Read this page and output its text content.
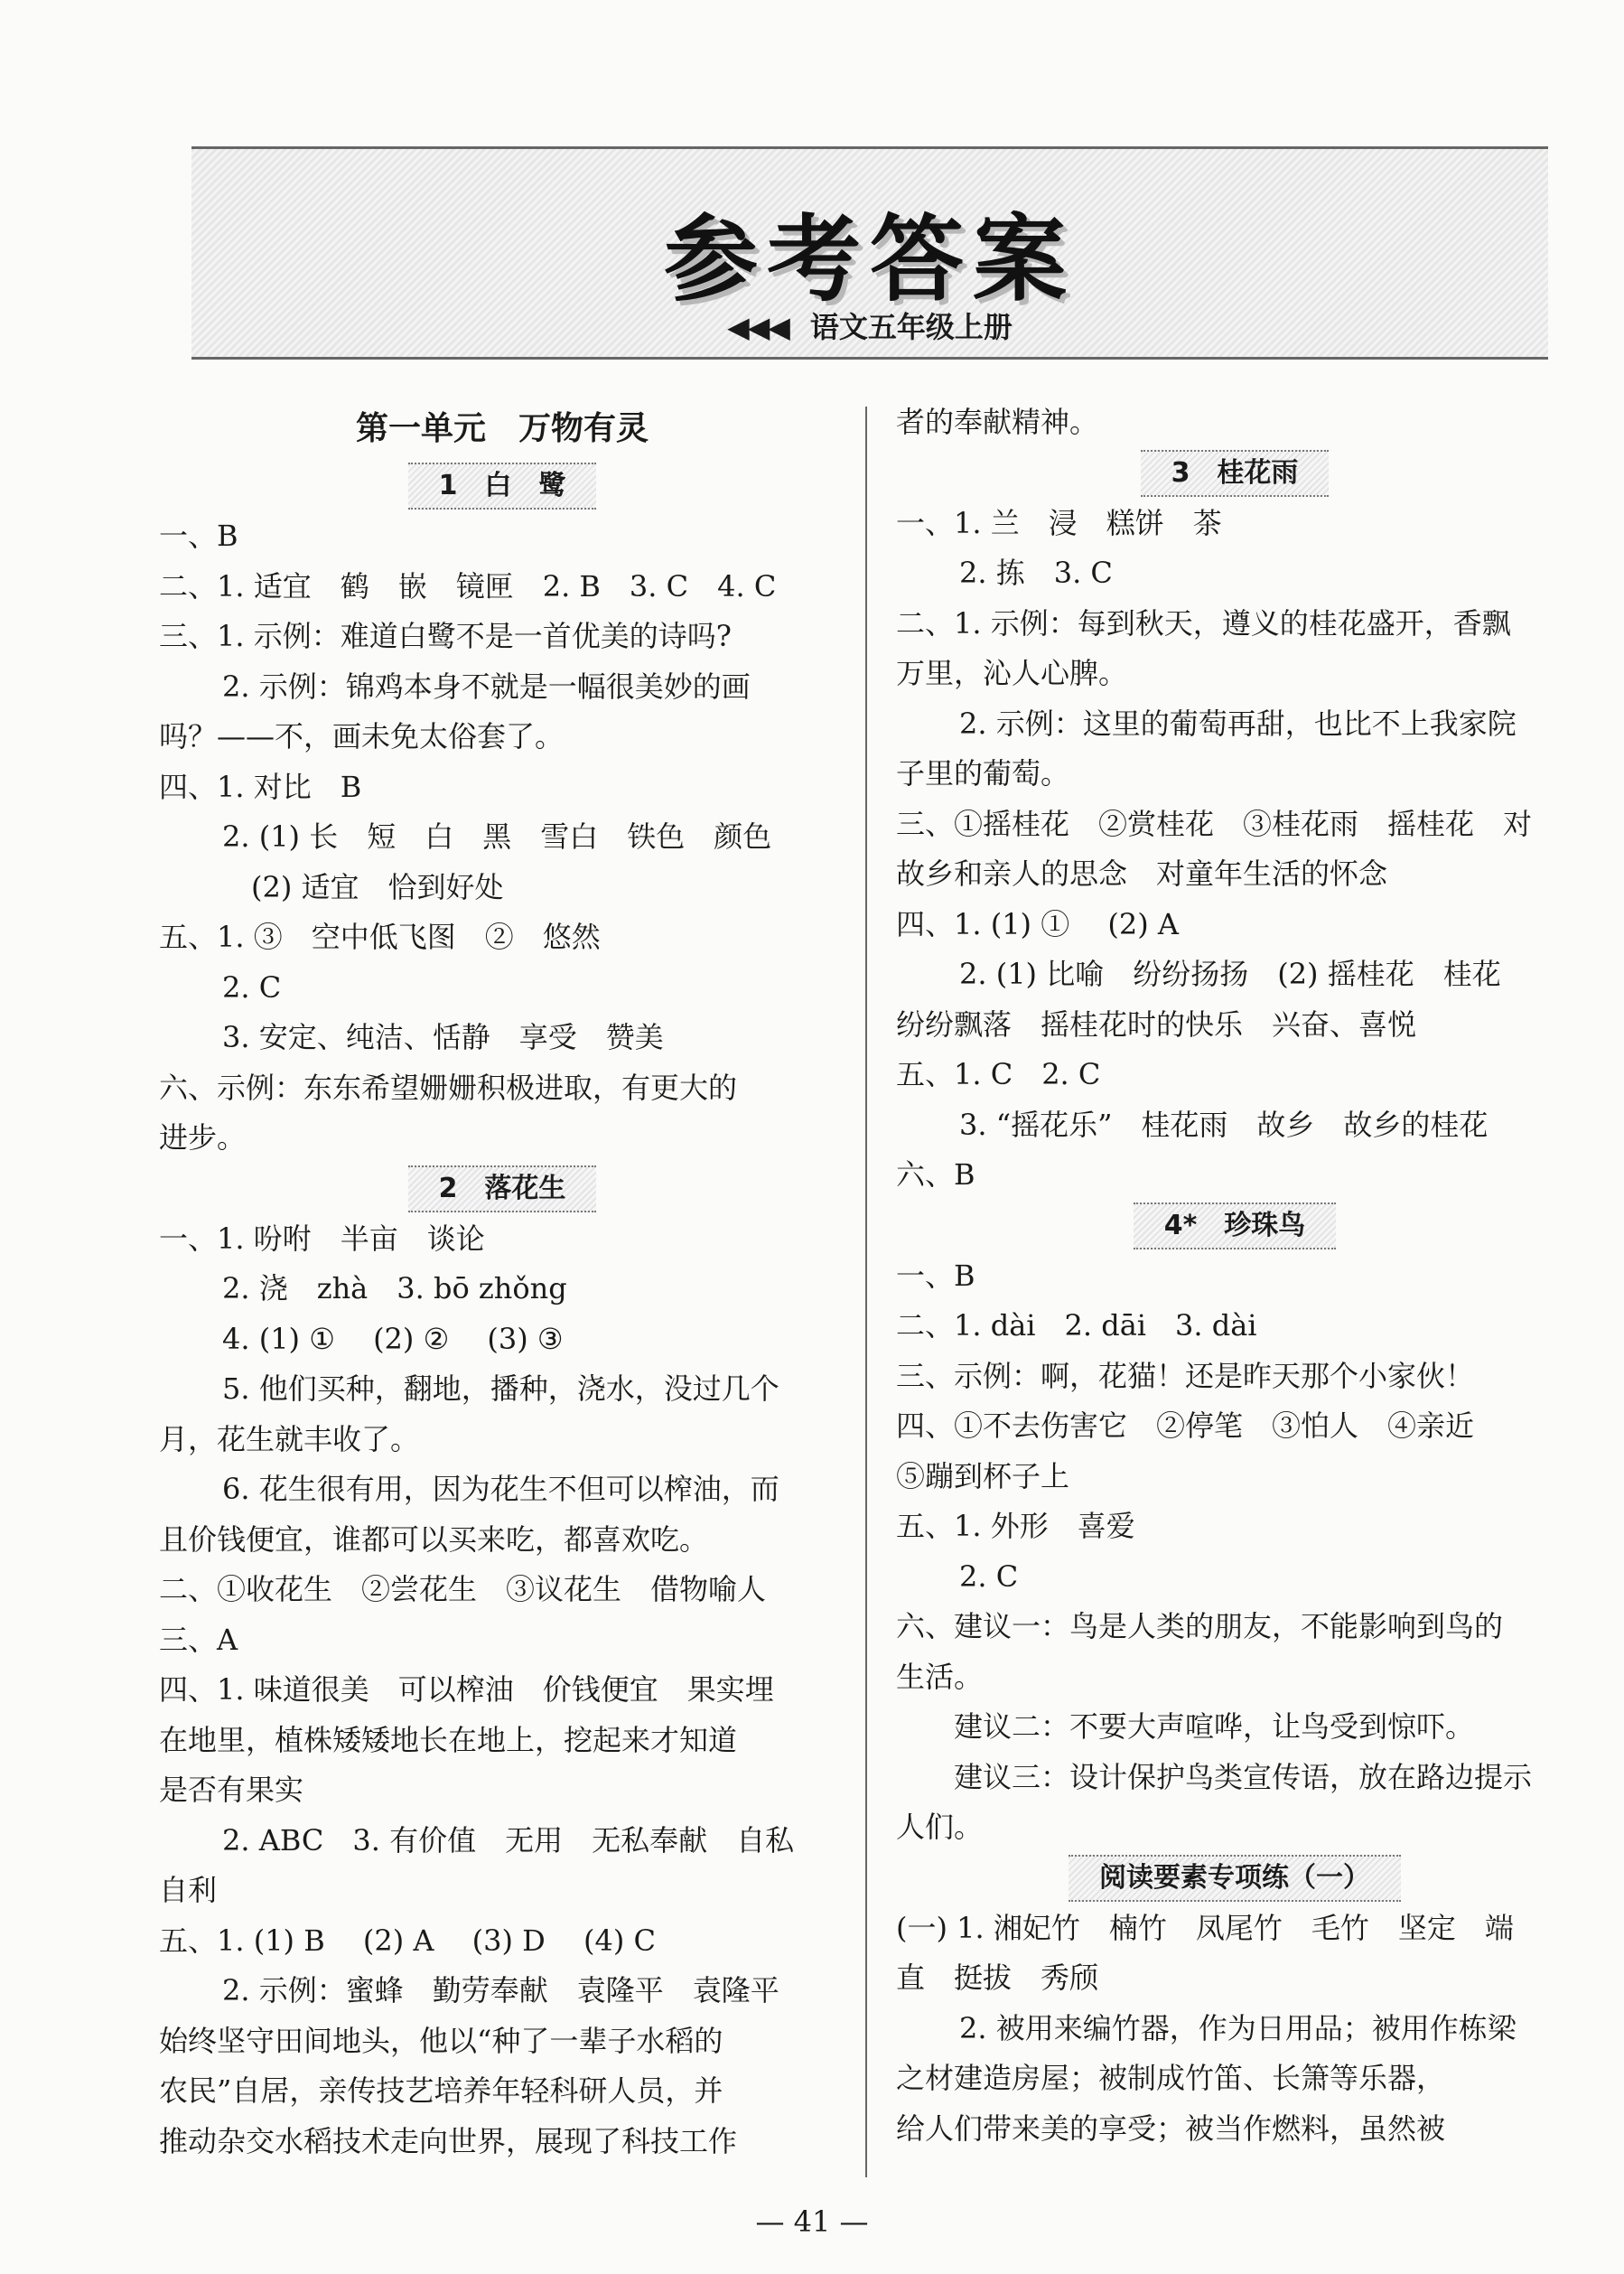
参考答案
◀◀◀ 语文五年级上册
第一单元　万物有灵
1　白　鹭
一、B
二、1. 适宜　鹤　嵌　镜匣　2. B　3. C　4. C
三、1. 示例：难道白鹭不是一首优美的诗吗?
2. 示例：锦鸡本身不就是一幅很美妙的画
吗？——不，画未免太俗套了。
四、1. 对比　B
2. (1) 长　短　白　黑　雪白　铁色　颜色
　(2) 适宜　恰到好处
五、1. ③　空中低飞图　②　悠然
2. C
3. 安定、纯洁、恬静　享受　赞美
六、示例：东东希望姗姗积极进取，有更大的
进步。
2　落花生
一、1. 吩咐　半亩　谈论
2. 浇　zhà　3. bō zhǒng
4. (1) ①　 (2) ②　 (3) ③
5. 他们买种，翻地，播种，浇水，没过几个
月，花生就丰收了。
6. 花生很有用，因为花生不但可以榨油，而
且价钱便宜，谁都可以买来吃，都喜欢吃。
二、①收花生　②尝花生　③议花生　借物喻人
三、A
四、1. 味道很美　可以榨油　价钱便宜　果实埋
在地里，植株矮矮地长在地上，挖起来才知道
是否有果实
2. ABC　3. 有价值　无用　无私奉献　自私
自利
五、1. (1) B　 (2) A　 (3) D　 (4) C
2. 示例：蜜蜂　勤劳奉献　袁隆平　袁隆平
始终坚守田间地头，他以“种了一辈子水稻的
农民”自居，亲传技艺培养年轻科研人员，并
推动杂交水稻技术走向世界，展现了科技工作
者的奉献精神。
3　桂花雨
一、1. 兰　浸　糕饼　茶
2. 拣　3. C
二、1. 示例：每到秋天，遵义的桂花盛开，香飘
万里，沁人心脾。
2. 示例：这里的葡萄再甜，也比不上我家院
子里的葡萄。
三、①摇桂花　②赏桂花　③桂花雨　摇桂花　对
故乡和亲人的思念　对童年生活的怀念
四、1. (1) ①　 (2) A
2. (1) 比喻　纷纷扬扬　(2) 摇桂花　桂花
纷纷飘落　摇桂花时的快乐　兴奋、喜悦
五、1. C　2. C
3. “摇花乐”　桂花雨　故乡　故乡的桂花
六、B
4*　珍珠鸟
一、B
二、1. dài　2. dāi　3. dài
三、示例：啊，花猫！还是昨天那个小家伙！
四、①不去伤害它　②停笔　③怕人　④亲近
⑤蹦到杯子上
五、1. 外形　喜爱
2. C
六、建议一：鸟是人类的朋友，不能影响到鸟的
生活。
　　建议二：不要大声喧哗，让鸟受到惊吓。
　　建议三：设计保护鸟类宣传语，放在路边提示
人们。
阅读要素专项练（一）
(一) 1. 湘妃竹　楠竹　凤尾竹　毛竹　坚定　端
直　挺拔　秀颀
2. 被用来编竹器，作为日用品；被用作栋梁
之材建造房屋；被制成竹笛、长箫等乐器，
给人们带来美的享受；被当作燃料，虽然被
— 41 —
